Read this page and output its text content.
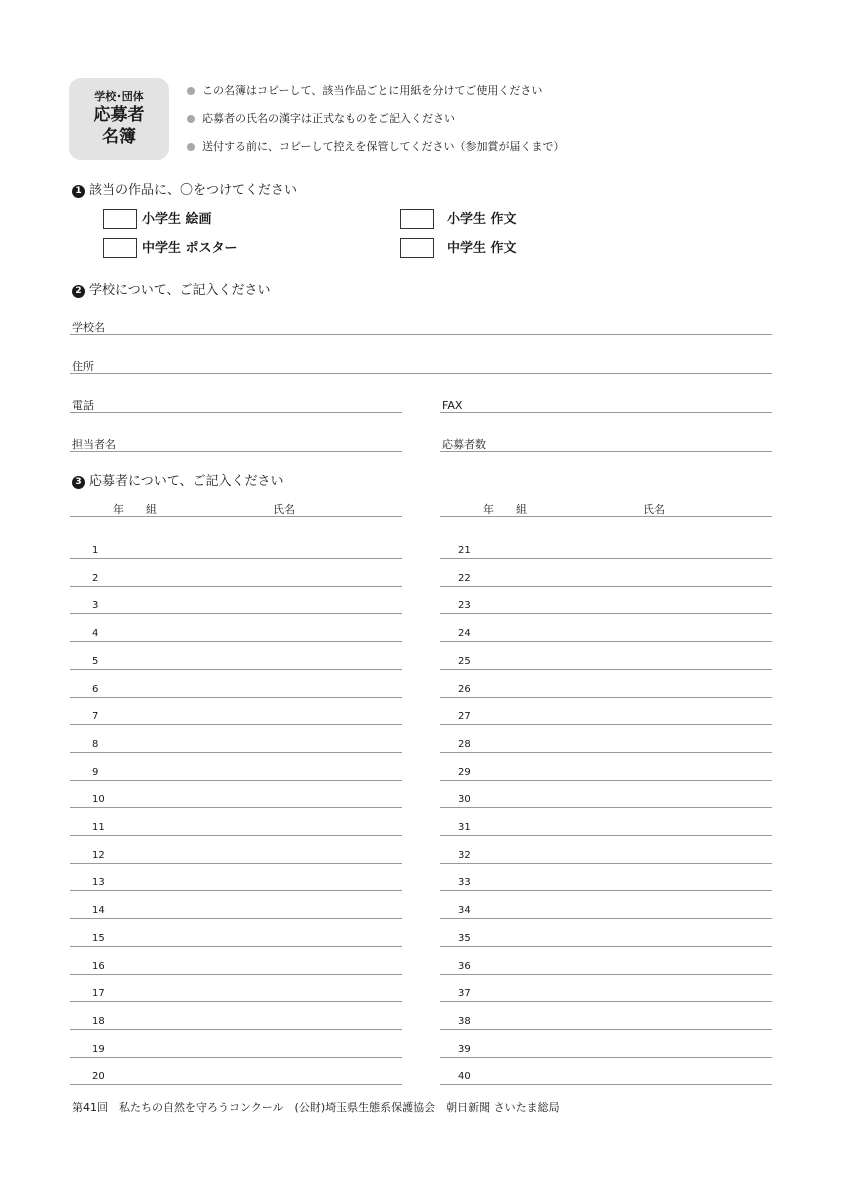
学校･団体
応募者
名簿
この名簿はコピーして、該当作品ごとに用紙を分けてご使用ください
応募者の氏名の漢字は正式なものをご記入ください
送付する前に、コピーして控えを保管してください（参加賞が届くまで）
1 該当の作品に、〇をつけてください
小学生 絵画	小学生 作文
中学生 ポスター	中学生 作文
2 学校について、ご記入ください
学校名
住所
電話	FAX
担当者名	応募者数
3 応募者について、ご記入ください
年 組	氏名	年 組	氏名
1	21
2	22
3	23
4	24
5	25
6	26
7	27
8	28
9	29
10	30
11	31
12	32
13	33
14	34
15	35
16	36
17	37
18	38
19	39
20	40
第41回　私たちの自然を守ろうコンクール　(公財)埼玉県生態系保護協会　朝日新聞 さいたま総局
